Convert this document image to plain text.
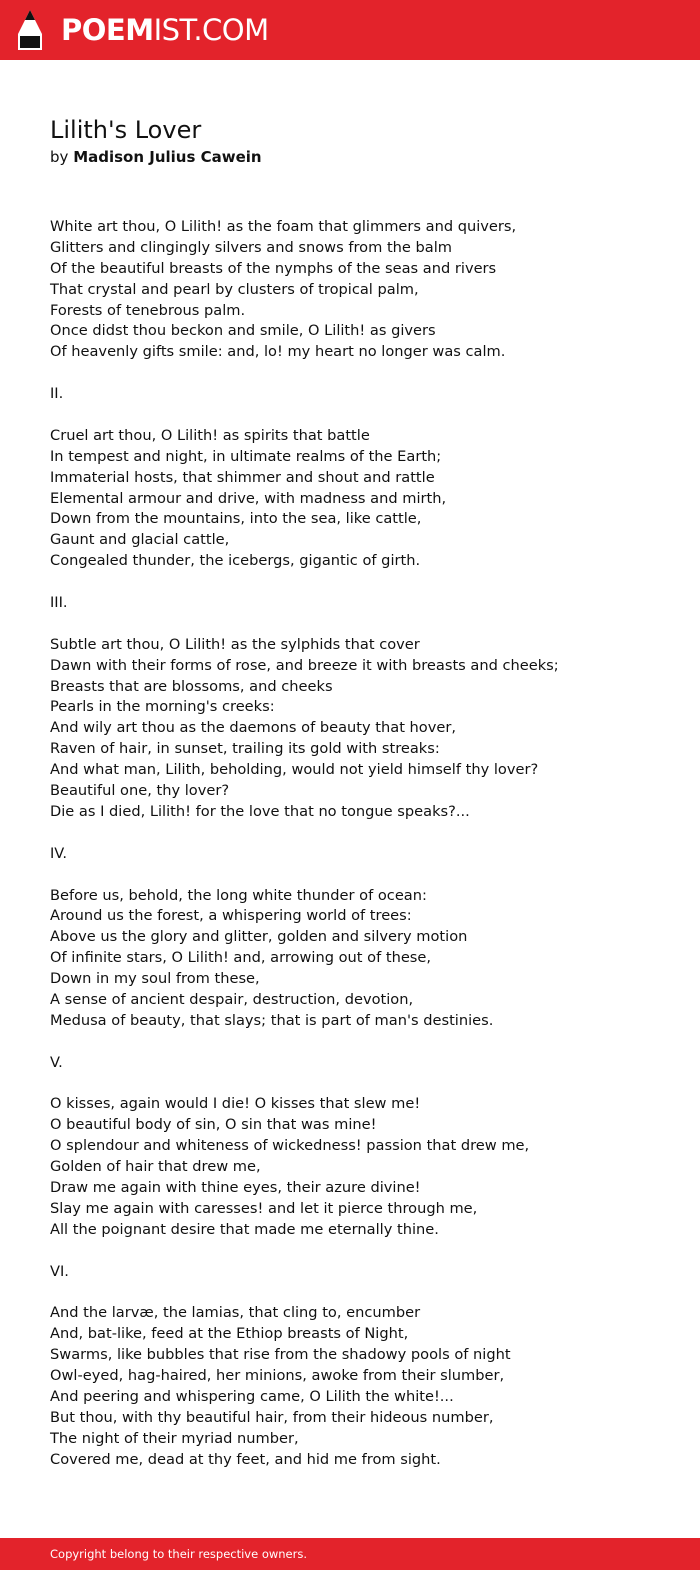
POEMIST.COM
Lilith's Lover
by Madison Julius Cawein
White art thou, O Lilith! as the foam that glimmers and quivers,
Glitters and clingingly silvers and snows from the balm
Of the beautiful breasts of the nymphs of the seas and rivers
That crystal and pearl by clusters of tropical palm,
Forests of tenebrous palm.
Once didst thou beckon and smile, O Lilith! as givers
Of heavenly gifts smile: and, lo! my heart no longer was calm.
II.
Cruel art thou, O Lilith! as spirits that battle
In tempest and night, in ultimate realms of the Earth;
Immaterial hosts, that shimmer and shout and rattle
Elemental armour and drive, with madness and mirth,
Down from the mountains, into the sea, like cattle,
Gaunt and glacial cattle,
Congealed thunder, the icebergs, gigantic of girth.
III.
Subtle art thou, O Lilith! as the sylphids that cover
Dawn with their forms of rose, and breeze it with breasts and cheeks;
Breasts that are blossoms, and cheeks
Pearls in the morning's creeks:
And wily art thou as the daemons of beauty that hover,
Raven of hair, in sunset, trailing its gold with streaks:
And what man, Lilith, beholding, would not yield himself thy lover?
Beautiful one, thy lover?
Die as I died, Lilith! for the love that no tongue speaks?...
IV.
Before us, behold, the long white thunder of ocean:
Around us the forest, a whispering world of trees:
Above us the glory and glitter, golden and silvery motion
Of infinite stars, O Lilith! and, arrowing out of these,
Down in my soul from these,
A sense of ancient despair, destruction, devotion,
Medusa of beauty, that slays; that is part of man's destinies.
V.
O kisses, again would I die! O kisses that slew me!
O beautiful body of sin, O sin that was mine!
O splendour and whiteness of wickedness! passion that drew me,
Golden of hair that drew me,
Draw me again with thine eyes, their azure divine!
Slay me again with caresses! and let it pierce through me,
All the poignant desire that made me eternally thine.
VI.
And the larvæ, the lamias, that cling to, encumber
And, bat-like, feed at the Ethiop breasts of Night,
Swarms, like bubbles that rise from the shadowy pools of night
Owl-eyed, hag-haired, her minions, awoke from their slumber,
And peering and whispering came, O Lilith the white!...
But thou, with thy beautiful hair, from their hideous number,
The night of their myriad number,
Covered me, dead at thy feet, and hid me from sight.
Copyright belong to their respective owners.
